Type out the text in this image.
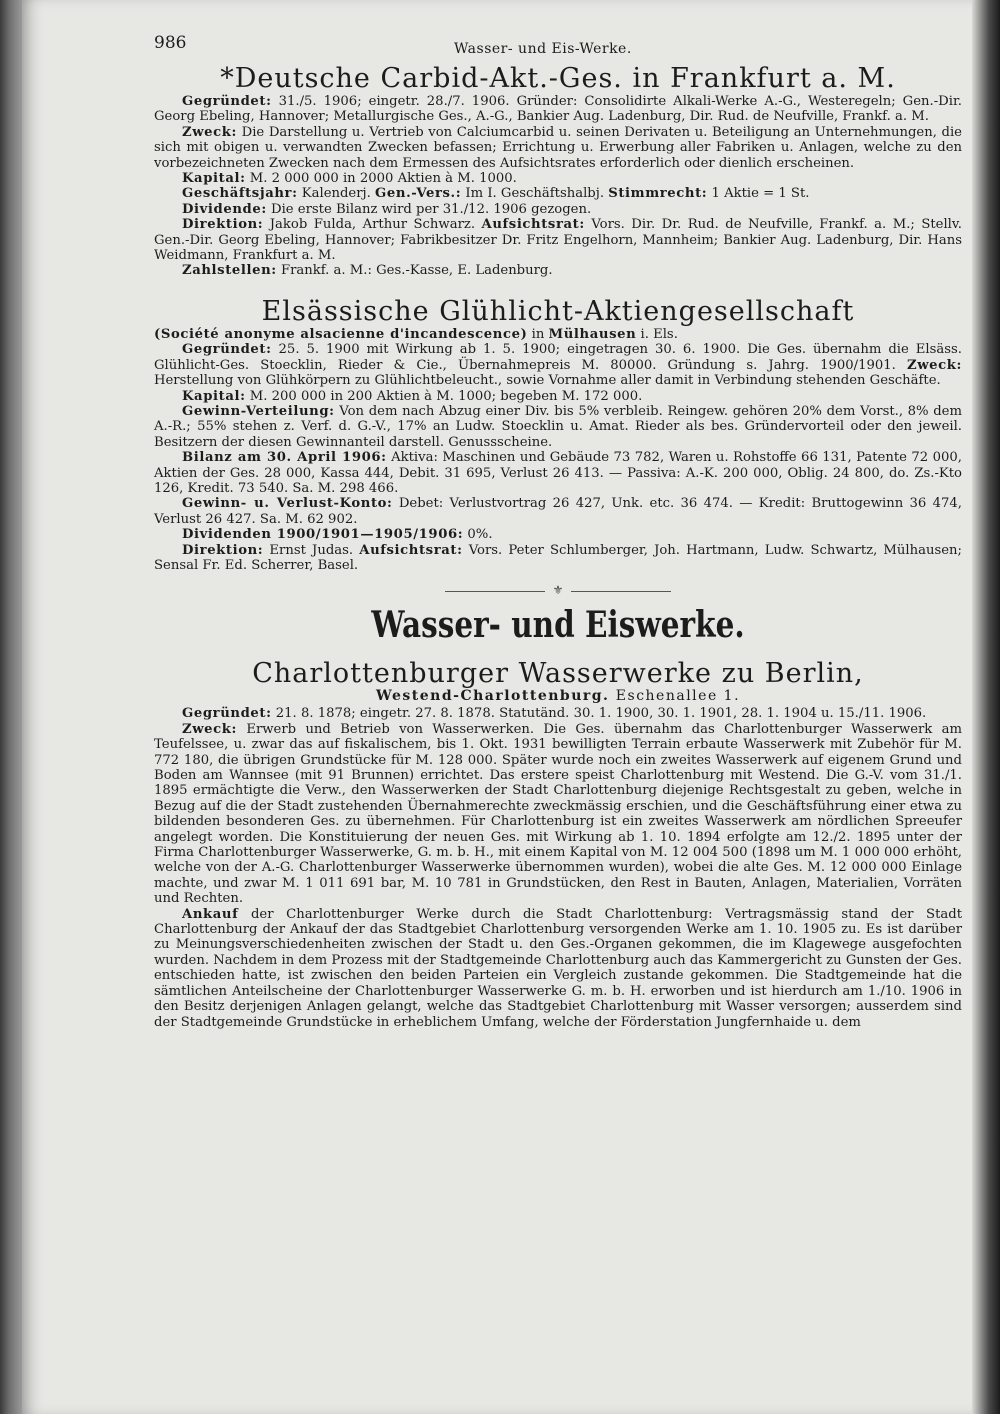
986	Wasser- und Eis-Werke.
*Deutsche Carbid-Akt.-Ges. in Frankfurt a. M.

Gegründet: 31./5. 1906; eingetr. 28./7. 1906. Gründer: Consolidirte Alkali-Werke A.-G., Westeregeln; Gen.-Dir. Georg Ebeling, Hannover; Metallurgische Ges., A.-G., Bankier Aug. Ladenburg, Dir. Rud. de Neufville, Frankf. a. M.

Zweck: Die Darstellung u. Vertrieb von Calciumcarbid u. seinen Derivaten u. Beteiligung an Unternehmungen, die sich mit obigen u. verwandten Zwecken befassen; Errichtung u. Erwerbung aller Fabriken u. Anlagen, welche zu den vorbezeichneten Zwecken nach dem Ermessen des Aufsichtsrates erforderlich oder dienlich erscheinen.

Kapital: M. 2 000 000 in 2000 Aktien à M. 1000.

Geschäftsjahr: Kalenderj. Gen.-Vers.: Im I. Geschäftshalbj. Stimmrecht: 1 Aktie = 1 St.

Dividende: Die erste Bilanz wird per 31./12. 1906 gezogen.

Direktion: Jakob Fulda, Arthur Schwarz. Aufsichtsrat: Vors. Dir. Dr. Rud. de Neufville, Frankf. a. M.; Stellv. Gen.-Dir. Georg Ebeling, Hannover; Fabrikbesitzer Dr. Fritz Engelhorn, Mannheim; Bankier Aug. Ladenburg, Dir. Hans Weidmann, Frankfurt a. M.

Zahlstellen: Frankf. a. M.: Ges.-Kasse, E. Ladenburg.

Elsässische Glühlicht-Aktiengesellschaft

(Société anonyme alsacienne d'incandescence) in Mülhausen i. Els.

Gegründet: 25. 5. 1900 mit Wirkung ab 1. 5. 1900; eingetragen 30. 6. 1900. Die Ges. übernahm die Elsäss. Glühlicht-Ges. Stoecklin, Rieder & Cie., Übernahmepreis M. 80000. Gründung s. Jahrg. 1900/1901. Zweck: Herstellung von Glühkörpern zu Glühlichtbeleucht., sowie Vornahme aller damit in Verbindung stehenden Geschäfte.

Kapital: M. 200 000 in 200 Aktien à M. 1000; begeben M. 172 000.

Gewinn-Verteilung: Von dem nach Abzug einer Div. bis 5% verbleib. Reingew. gehören 20% dem Vorst., 8% dem A.-R.; 55% stehen z. Verf. d. G.-V., 17% an Ludw. Stoecklin u. Amat. Rieder als bes. Gründervorteil oder den jeweil. Besitzern der diesen Gewinnanteil darstell. Genussscheine.

Bilanz am 30. April 1906: Aktiva: Maschinen und Gebäude 73 782, Waren u. Rohstoffe 66 131, Patente 72 000, Aktien der Ges. 28 000, Kassa 444, Debit. 31 695, Verlust 26 413. — Passiva: A.-K. 200 000, Oblig. 24 800, do. Zs.-Kto 126, Kredit. 73 540. Sa. M. 298 466.

Gewinn- u. Verlust-Konto: Debet: Verlustvortrag 26 427, Unk. etc. 36 474. — Kredit: Bruttogewinn 36 474, Verlust 26 427. Sa. M. 62 902.

Dividenden 1900/1901—1905/1906: 0%.

Direktion: Ernst Judas. Aufsichtsrat: Vors. Peter Schlumberger, Joh. Hartmann, Ludw. Schwartz, Mülhausen; Sensal Fr. Ed. Scherrer, Basel.

⚜
Wasser- und Eiswerke.
Charlottenburger Wasserwerke zu Berlin,

Westend-Charlottenburg. Eschenallee 1.

Gegründet: 21. 8. 1878; eingetr. 27. 8. 1878. Statutänd. 30. 1. 1900, 30. 1. 1901, 28. 1. 1904 u. 15./11. 1906.

Zweck: Erwerb und Betrieb von Wasserwerken. Die Ges. übernahm das Charlottenburger Wasserwerk am Teufelssee, u. zwar das auf fiskalischem, bis 1. Okt. 1931 bewilligten Terrain erbaute Wasserwerk mit Zubehör für M. 772 180, die übrigen Grundstücke für M. 128 000. Später wurde noch ein zweites Wasserwerk auf eigenem Grund und Boden am Wannsee (mit 91 Brunnen) errichtet. Das erstere speist Charlottenburg mit Westend. Die G.-V. vom 31./1. 1895 ermächtigte die Verw., den Wasserwerken der Stadt Charlottenburg diejenige Rechtsgestalt zu geben, welche in Bezug auf die der Stadt zustehenden Übernahmerechte zweckmässig erschien, und die Geschäftsführung einer etwa zu bildenden besonderen Ges. zu übernehmen. Für Charlottenburg ist ein zweites Wasserwerk am nördlichen Spreeufer angelegt worden. Die Konstituierung der neuen Ges. mit Wirkung ab 1. 10. 1894 erfolgte am 12./2. 1895 unter der Firma Charlottenburger Wasserwerke, G. m. b. H., mit einem Kapital von M. 12 004 500 (1898 um M. 1 000 000 erhöht, welche von der A.-G. Charlottenburger Wasserwerke übernommen wurden), wobei die alte Ges. M. 12 000 000 Einlage machte, und zwar M. 1 011 691 bar, M. 10 781 in Grundstücken, den Rest in Bauten, Anlagen, Materialien, Vorräten und Rechten.

Ankauf der Charlottenburger Werke durch die Stadt Charlottenburg: Vertragsmässig stand der Stadt Charlottenburg der Ankauf der das Stadtgebiet Charlottenburg versorgenden Werke am 1. 10. 1905 zu. Es ist darüber zu Meinungsverschiedenheiten zwischen der Stadt u. den Ges.-Organen gekommen, die im Klagewege ausgefochten wurden. Nachdem in dem Prozess mit der Stadtgemeinde Charlottenburg auch das Kammergericht zu Gunsten der Ges. entschieden hatte, ist zwischen den beiden Parteien ein Vergleich zustande gekommen. Die Stadtgemeinde hat die sämtlichen Anteilscheine der Charlottenburger Wasserwerke G. m. b. H. erworben und ist hierdurch am 1./10. 1906 in den Besitz derjenigen Anlagen gelangt, welche das Stadtgebiet Charlottenburg mit Wasser versorgen; ausserdem sind der Stadtgemeinde Grundstücke in erheblichem Umfang, welche der Förderstation Jungfernhaide u. dem
